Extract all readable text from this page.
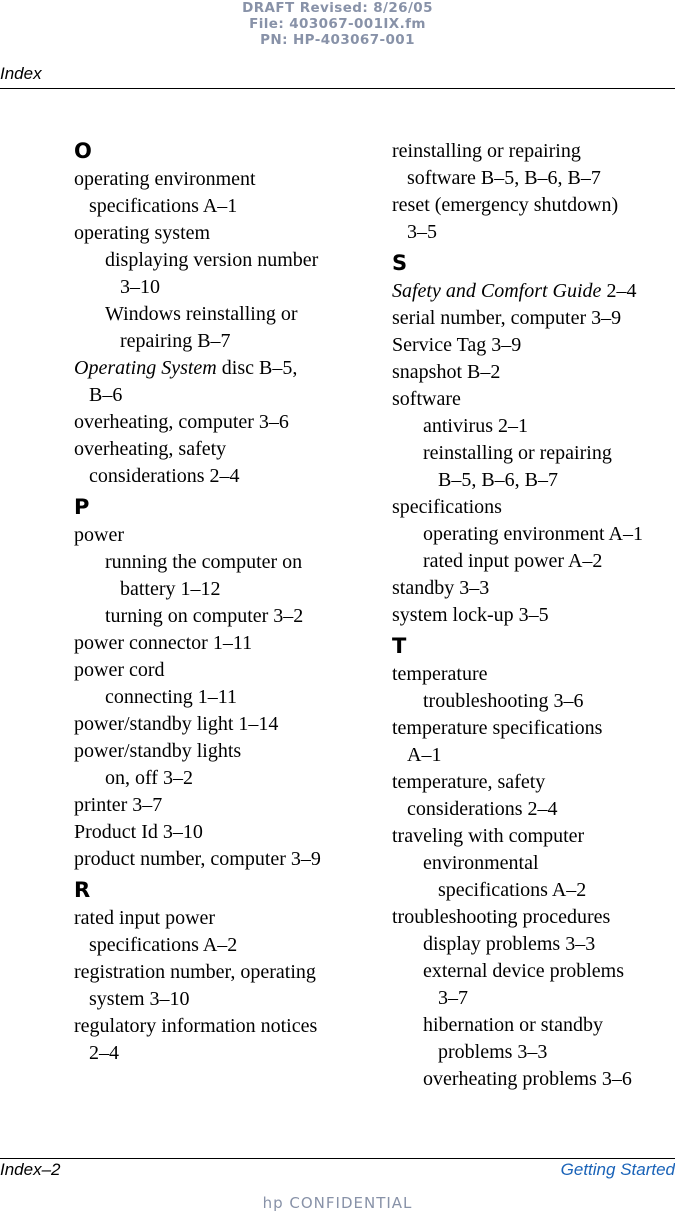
DRAFT Revised: 8/26/05
File: 403067-001IX.fm
PN: HP-403067-001
Index
O
operating environment
specifications A–1
operating system
displaying version number
3–10
Windows reinstalling or
repairing B–7
Operating System disc B–5,
B–6
overheating, computer 3–6
overheating, safety
considerations 2–4
P
power
running the computer on
battery 1–12
turning on computer 3–2
power connector 1–11
power cord
connecting 1–11
power/standby light 1–14
power/standby lights
on, off 3–2
printer 3–7
Product Id 3–10
product number, computer 3–9
R
rated input power
specifications A–2
registration number, operating
system 3–10
regulatory information notices
2–4
reinstalling or repairing
software B–5, B–6, B–7
reset (emergency shutdown)
3–5
S
Safety and Comfort Guide 2–4
serial number, computer 3–9
Service Tag 3–9
snapshot B–2
software
antivirus 2–1
reinstalling or repairing
B–5, B–6, B–7
specifications
operating environment A–1
rated input power A–2
standby 3–3
system lock-up 3–5
T
temperature
troubleshooting 3–6
temperature specifications
A–1
temperature, safety
considerations 2–4
traveling with computer
environmental
specifications A–2
troubleshooting procedures
display problems 3–3
external device problems
3–7
hibernation or standby
problems 3–3
overheating problems 3–6
Index–2	Getting Started
hp CONFIDENTIAL
